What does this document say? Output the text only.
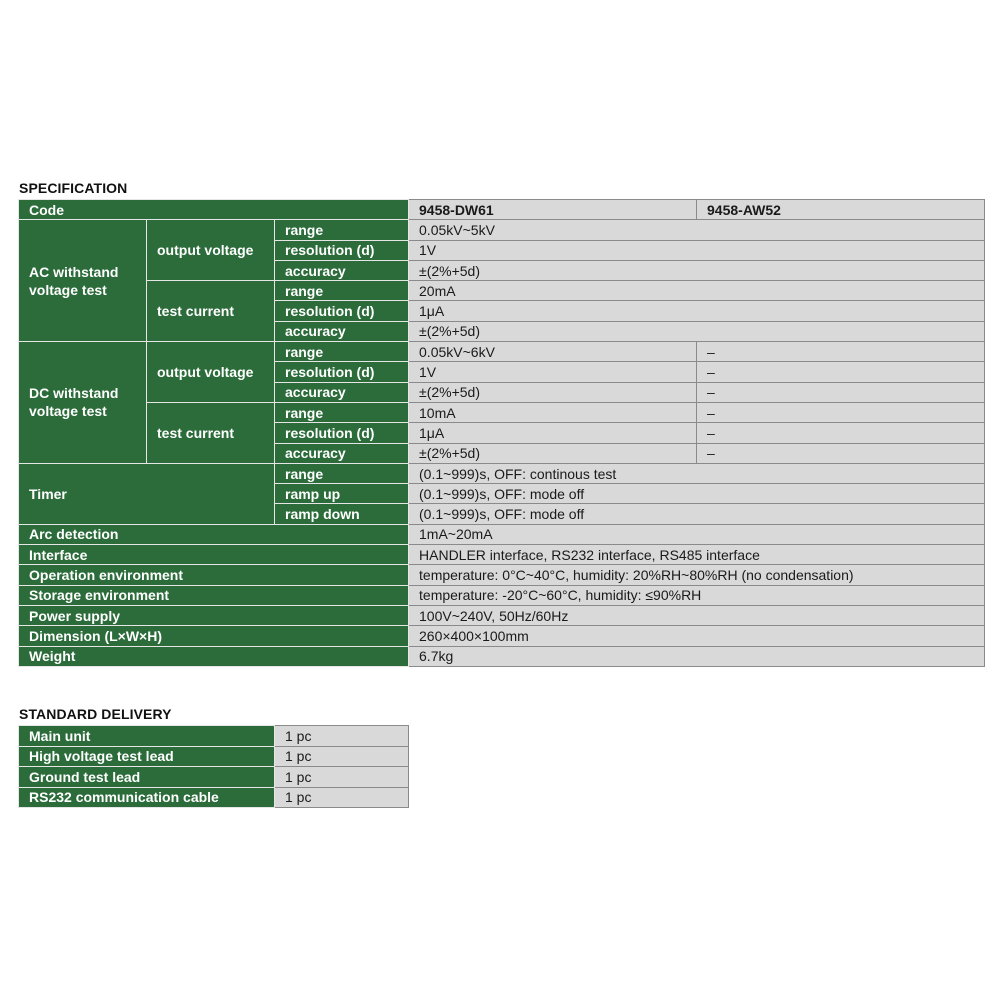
SPECIFICATION
Code			9458-DW61	9458-AW52
AC withstand voltage test	output voltage	range	0.05kV~5kV	
		resolution (d)	1V	
		accuracy	±(2%+5d)	
	test current	range	20mA	
		resolution (d)	1μA	
		accuracy	±(2%+5d)	
DC withstand voltage test	output voltage	range	0.05kV~6kV	–
		resolution (d)	1V	–
		accuracy	±(2%+5d)	–
	test current	range	10mA	–
		resolution (d)	1μA	–
		accuracy	±(2%+5d)	–
Timer		range	(0.1~999)s, OFF: continous test	
		ramp up	(0.1~999)s, OFF: mode off	
		ramp down	(0.1~999)s, OFF: mode off	
Arc detection			1mA~20mA	
Interface			HANDLER interface, RS232 interface, RS485 interface	
Operation environment			temperature: 0°C~40°C, humidity: 20%RH~80%RH (no condensation)	
Storage environment			temperature: -20°C~60°C, humidity: ≤90%RH	
Power supply			100V~240V, 50Hz/60Hz	
Dimension (L×W×H)			260×400×100mm	
Weight			6.7kg	
STANDARD DELIVERY
Main unit	1 pc
High voltage test lead	1 pc
Ground test lead	1 pc
RS232 communication cable	1 pc
